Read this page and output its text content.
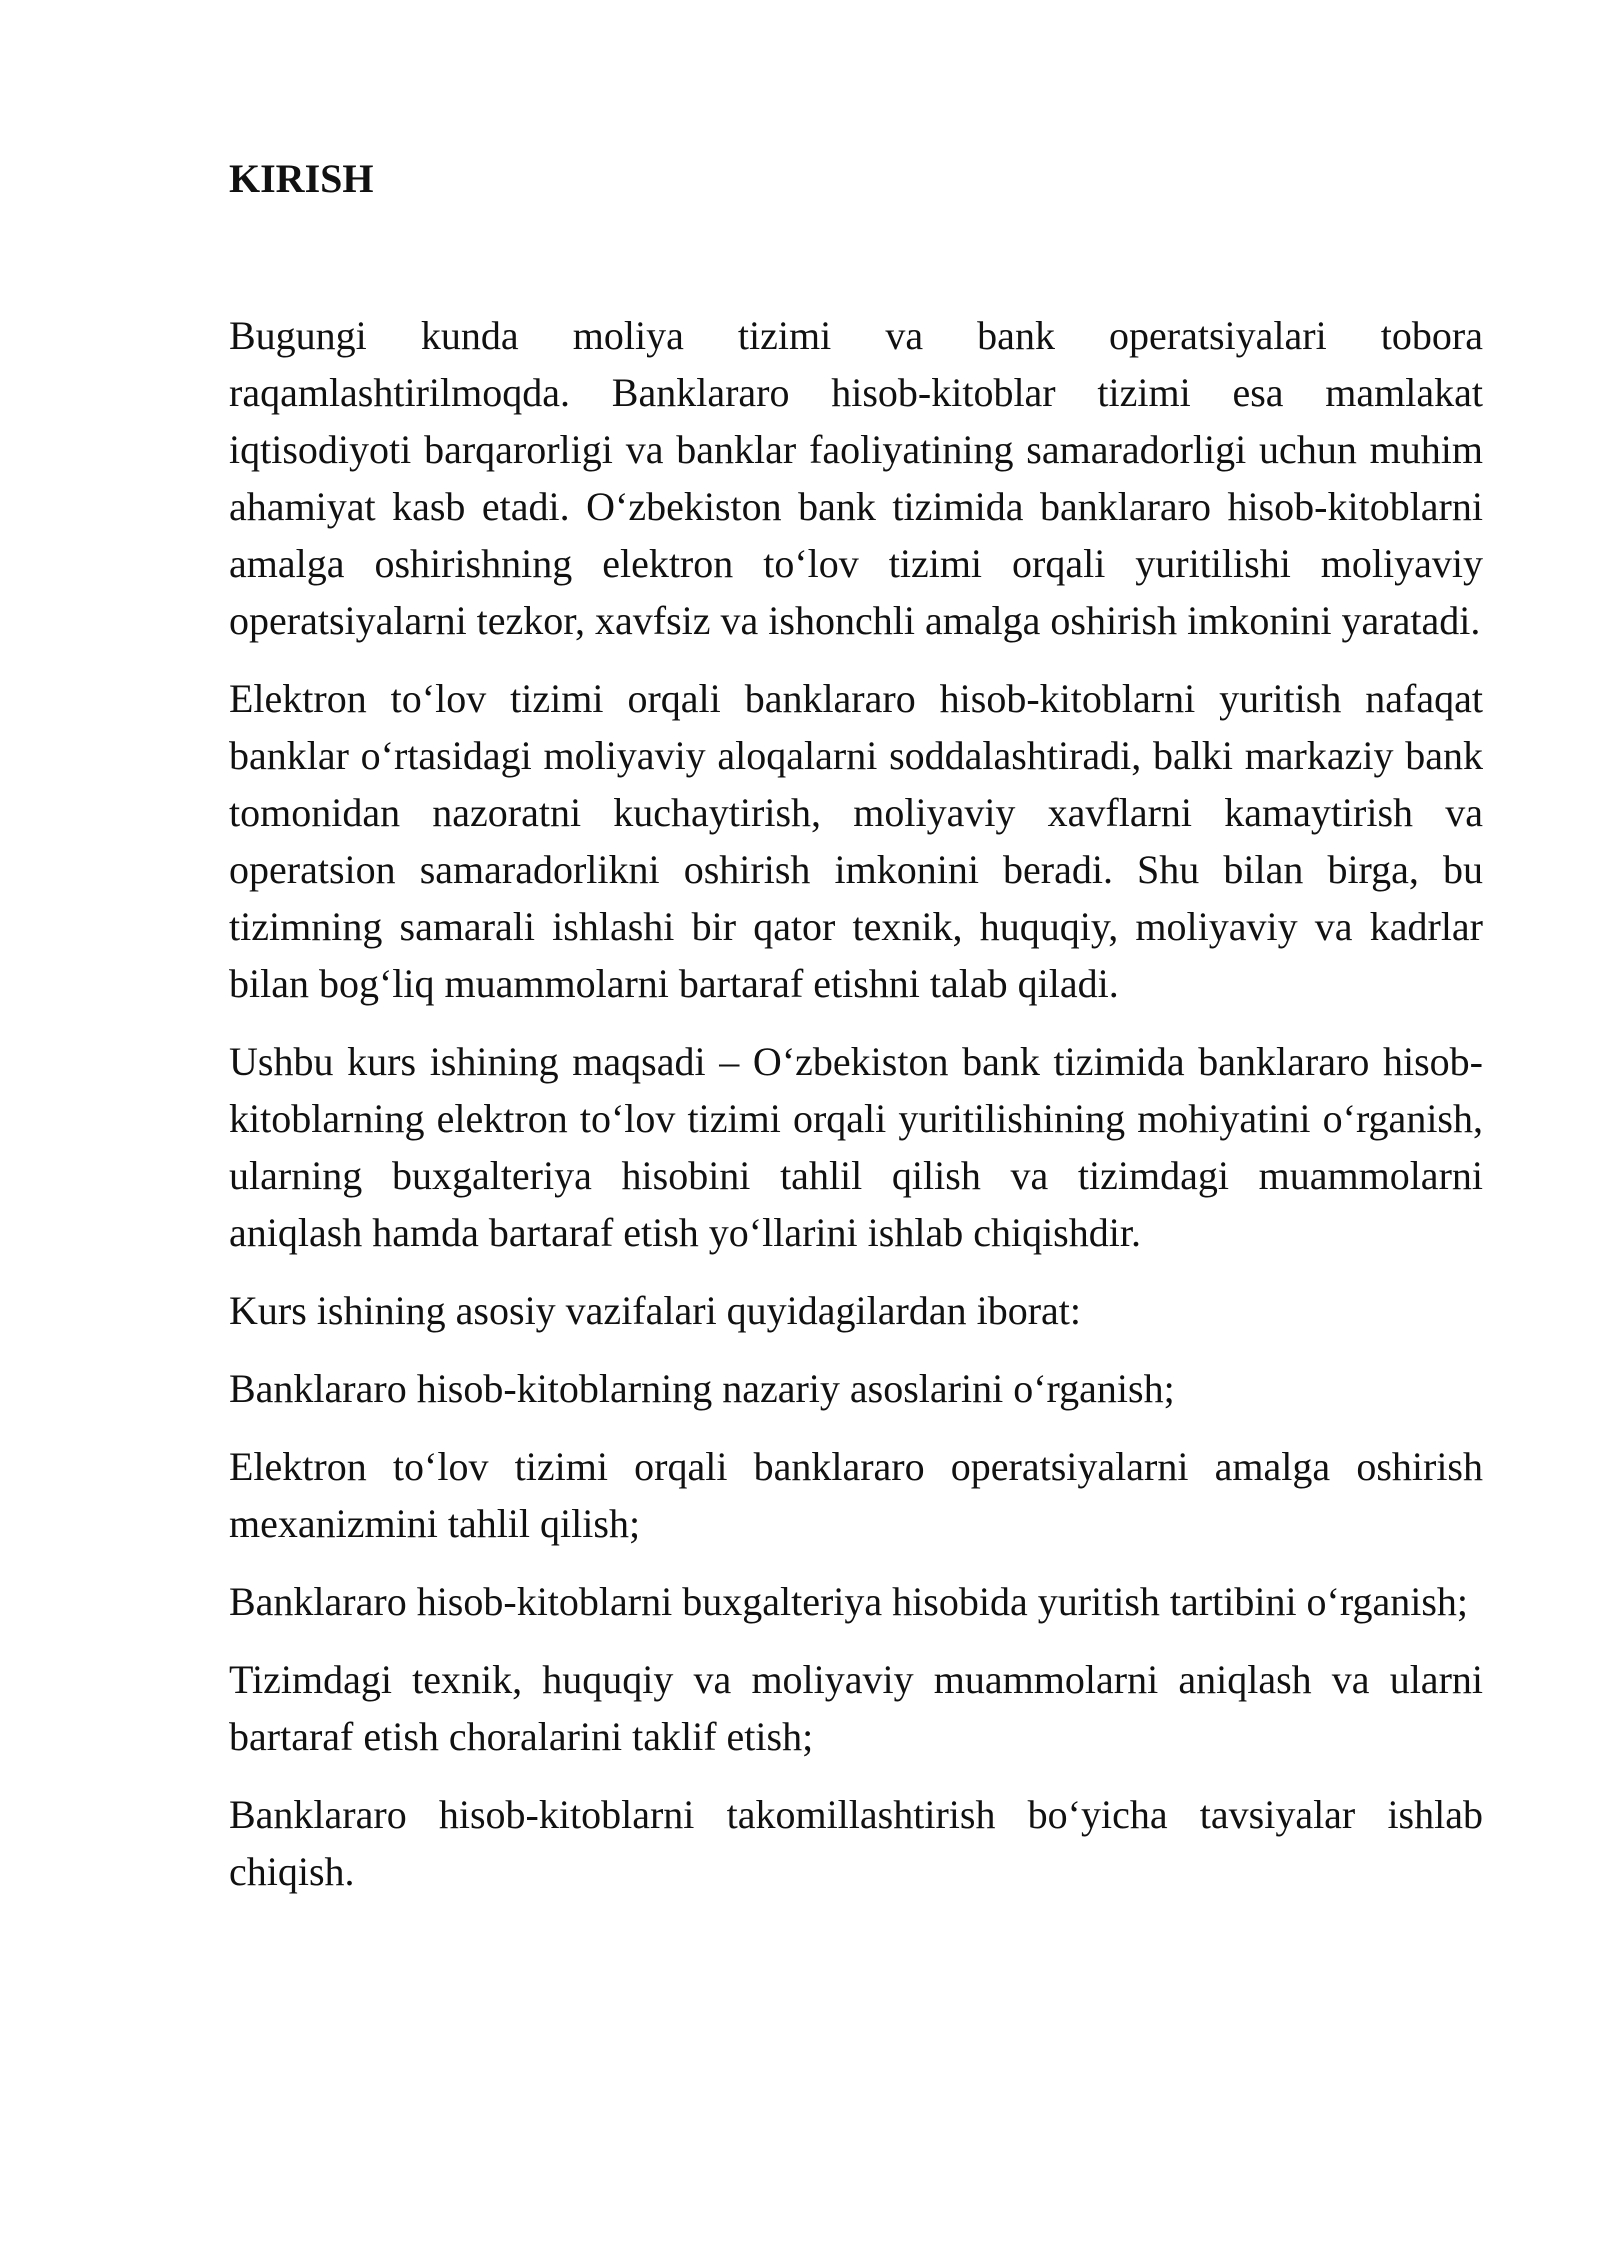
KIRISH

Bugungi kunda moliya tizimi va bank operatsiyalari tobora raqamlashtirilmoqda. Banklararo hisob-kitoblar tizimi esa mamlakat iqtisodiyoti barqarorligi va banklar faoliyatining samaradorligi uchun muhim ahamiyat kasb etadi. O‘zbekiston bank tizimida banklararo hisob-kitoblarni amalga oshirishning elektron to‘lov tizimi orqali yuritilishi moliyaviy operatsiyalarni tezkor, xavfsiz va ishonchli amalga oshirish imkonini yaratadi.

Elektron to‘lov tizimi orqali banklararo hisob-kitoblarni yuritish nafaqat banklar o‘rtasidagi moliyaviy aloqalarni soddalashtiradi, balki markaziy bank tomonidan nazoratni kuchaytirish, moliyaviy xavflarni kamaytirish va operatsion samaradorlikni oshirish imkonini beradi. Shu bilan birga, bu tizimning samarali ishlashi bir qator texnik, huquqiy, moliyaviy va kadrlar bilan bog‘liq muammolarni bartaraf etishni talab qiladi.

Ushbu kurs ishining maqsadi – O‘zbekiston bank tizimida banklararo hisob-kitoblarning elektron to‘lov tizimi orqali yuritilishining mohiyatini o‘rganish, ularning buxgalteriya hisobini tahlil qilish va tizimdagi muammolarni aniqlash hamda bartaraf etish yo‘llarini ishlab chiqishdir.

Kurs ishining asosiy vazifalari quyidagilardan iborat:

Banklararo hisob-kitoblarning nazariy asoslarini o‘rganish;

Elektron to‘lov tizimi orqali banklararo operatsiyalarni amalga oshirish mexanizmini tahlil qilish;

Banklararo hisob-kitoblarni buxgalteriya hisobida yuritish tartibini o‘rganish;

Tizimdagi texnik, huquqiy va moliyaviy muammolarni aniqlash va ularni bartaraf etish choralarini taklif etish;

Banklararo hisob-kitoblarni takomillashtirish bo‘yicha tavsiyalar ishlab chiqish.
